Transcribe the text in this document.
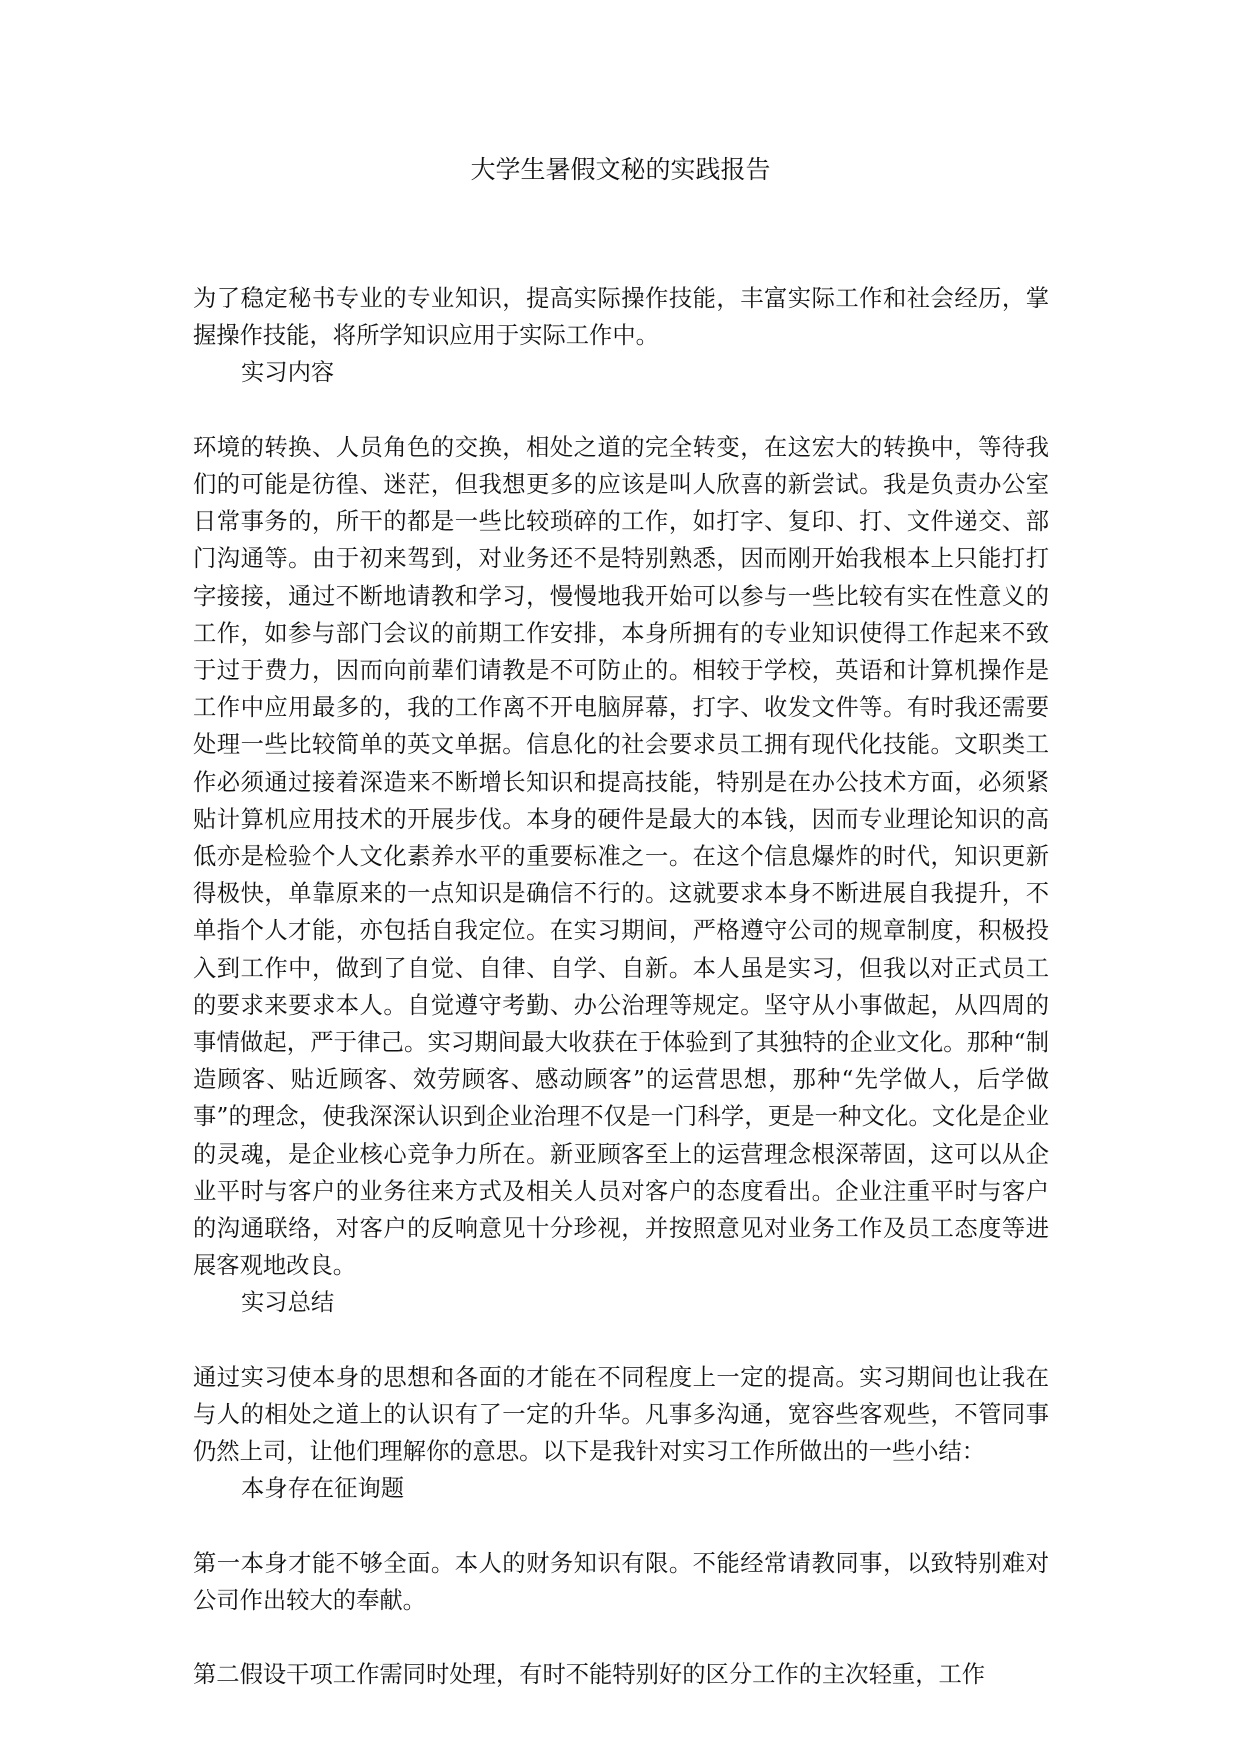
大学生暑假文秘的实践报告

为了稳定秘书专业的专业知识，提高实际操作技能，丰富实际工作和社会经历，掌握操作技能，将所学知识应用于实际工作中。

实习内容

环境的转换、人员角色的交换，相处之道的完全转变，在这宏大的转换中，等待我们的可能是彷徨、迷茫，但我想更多的应该是叫人欣喜的新尝试。我是负责办公室日常事务的，所干的都是一些比较琐碎的工作，如打字、复印、打、文件递交、部门沟通等。由于初来驾到，对业务还不是特别熟悉，因而刚开始我根本上只能打打字接接，通过不断地请教和学习，慢慢地我开始可以参与一些比较有实在性意义的工作，如参与部门会议的前期工作安排，本身所拥有的专业知识使得工作起来不致于过于费力，因而向前辈们请教是不可防止的。相较于学校，英语和计算机操作是工作中应用最多的，我的工作离不开电脑屏幕，打字、收发文件等。有时我还需要处理一些比较简单的英文单据。信息化的社会要求员工拥有现代化技能。文职类工作必须通过接着深造来不断增长知识和提高技能，特别是在办公技术方面，必须紧贴计算机应用技术的开展步伐。本身的硬件是最大的本钱，因而专业理论知识的高低亦是检验个人文化素养水平的重要标准之一。在这个信息爆炸的时代，知识更新得极快，单靠原来的一点知识是确信不行的。这就要求本身不断进展自我提升，不单指个人才能，亦包括自我定位。在实习期间，严格遵守公司的规章制度，积极投入到工作中，做到了自觉、自律、自学、自新。本人虽是实习，但我以对正式员工的要求来要求本人。自觉遵守考勤、办公治理等规定。坚守从小事做起，从四周的事情做起，严于律己。实习期间最大收获在于体验到了其独特的企业文化。那种“制造顾客、贴近顾客、效劳顾客、感动顾客”的运营思想，那种“先学做人，后学做事”的理念，使我深深认识到企业治理不仅是一门科学，更是一种文化。文化是企业的灵魂，是企业核心竞争力所在。新亚顾客至上的运营理念根深蒂固，这可以从企业平时与客户的业务往来方式及相关人员对客户的态度看出。企业注重平时与客户的沟通联络，对客户的反响意见十分珍视，并按照意见对业务工作及员工态度等进展客观地改良。

实习总结

通过实习使本身的思想和各面的才能在不同程度上一定的提高。实习期间也让我在与人的相处之道上的认识有了一定的升华。凡事多沟通，宽容些客观些，不管同事仍然上司，让他们理解你的意思。以下是我针对实习工作所做出的一些小结：

本身存在征询题

第一本身才能不够全面。本人的财务知识有限。不能经常请教同事，以致特别难对公司作出较大的奉献。

第二假设干项工作需同时处理，有时不能特别好的区分工作的主次轻重，工作
